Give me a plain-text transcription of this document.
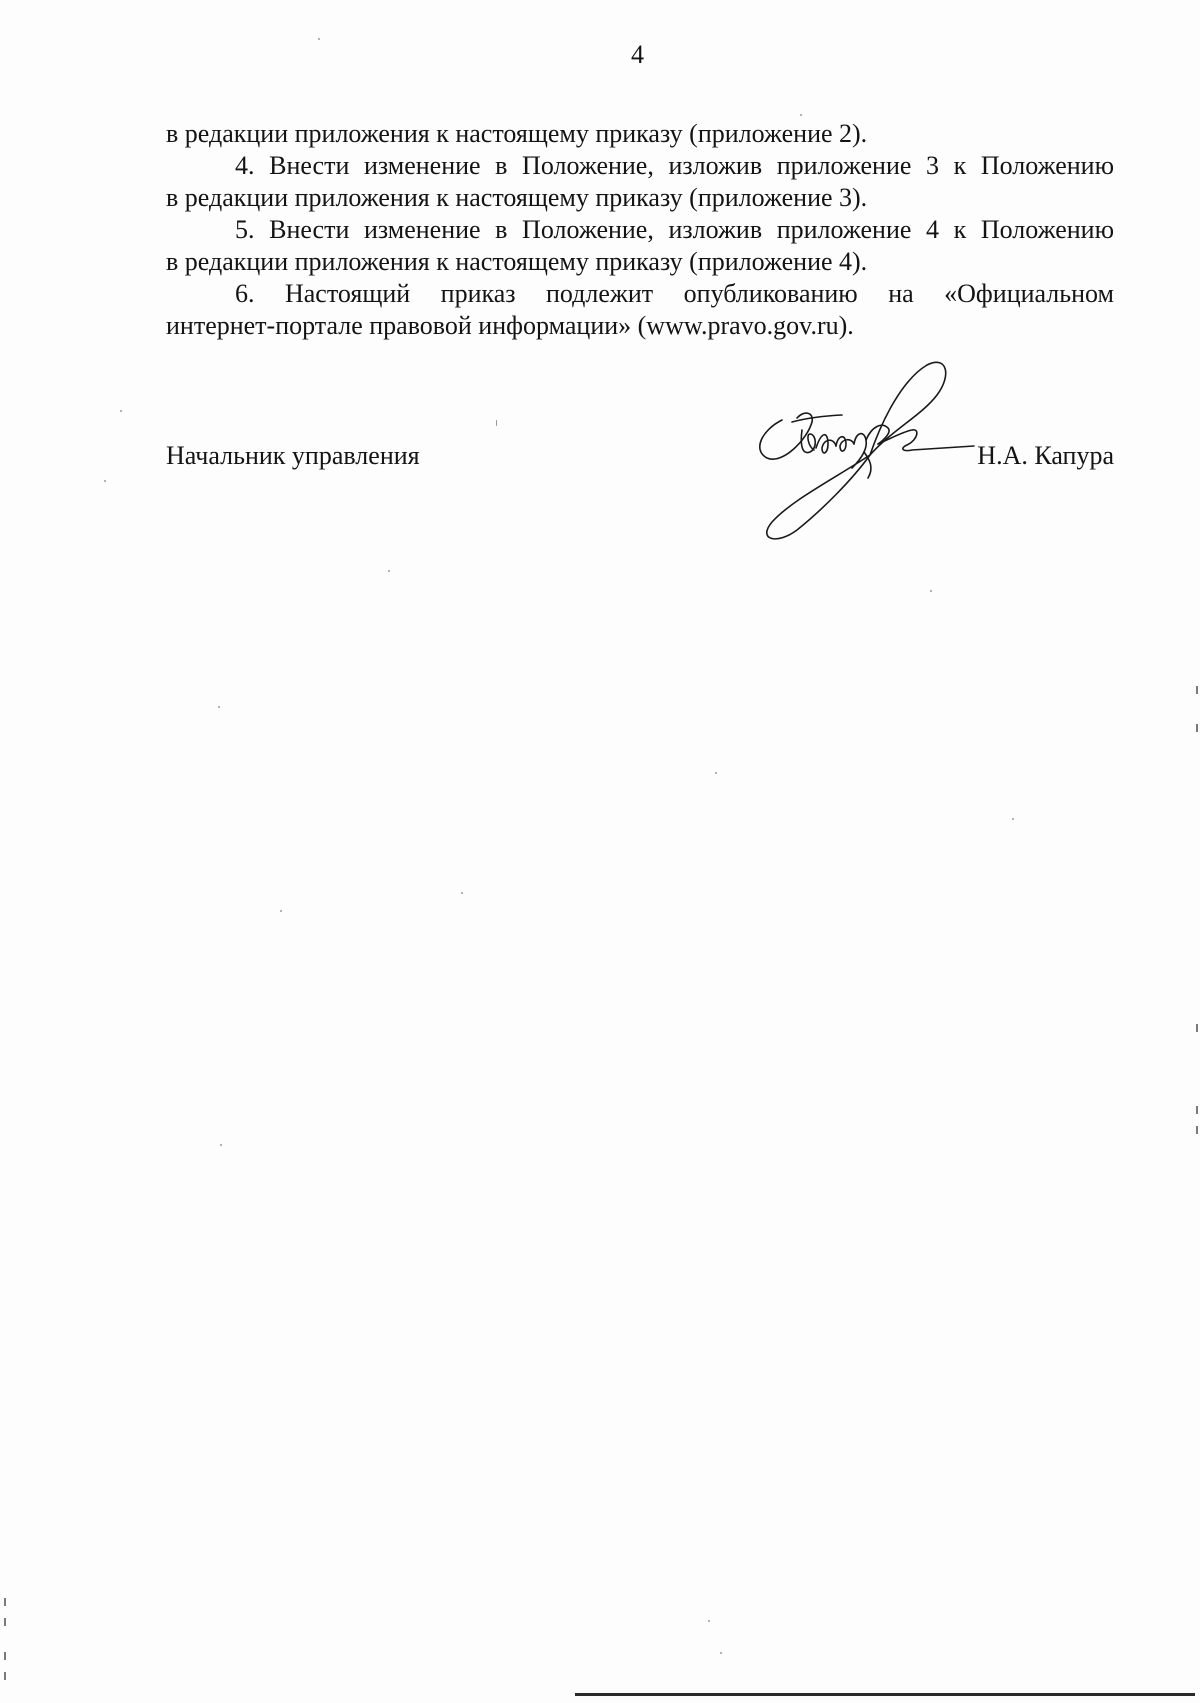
4
в редакции приложения к настоящему приказу (приложение 2).
4. Внести изменение в Положение, изложив приложение 3 к Положению
в редакции приложения к настоящему приказу (приложение 3).
5. Внести изменение в Положение, изложив приложение 4 к Положению
в редакции приложения к настоящему приказу (приложение 4).
6. Настоящий приказ подлежит опубликованию на «Официальном
интернет-портале правовой информации» (www.pravo.gov.ru).
Начальник управления	Н.А. Капура
